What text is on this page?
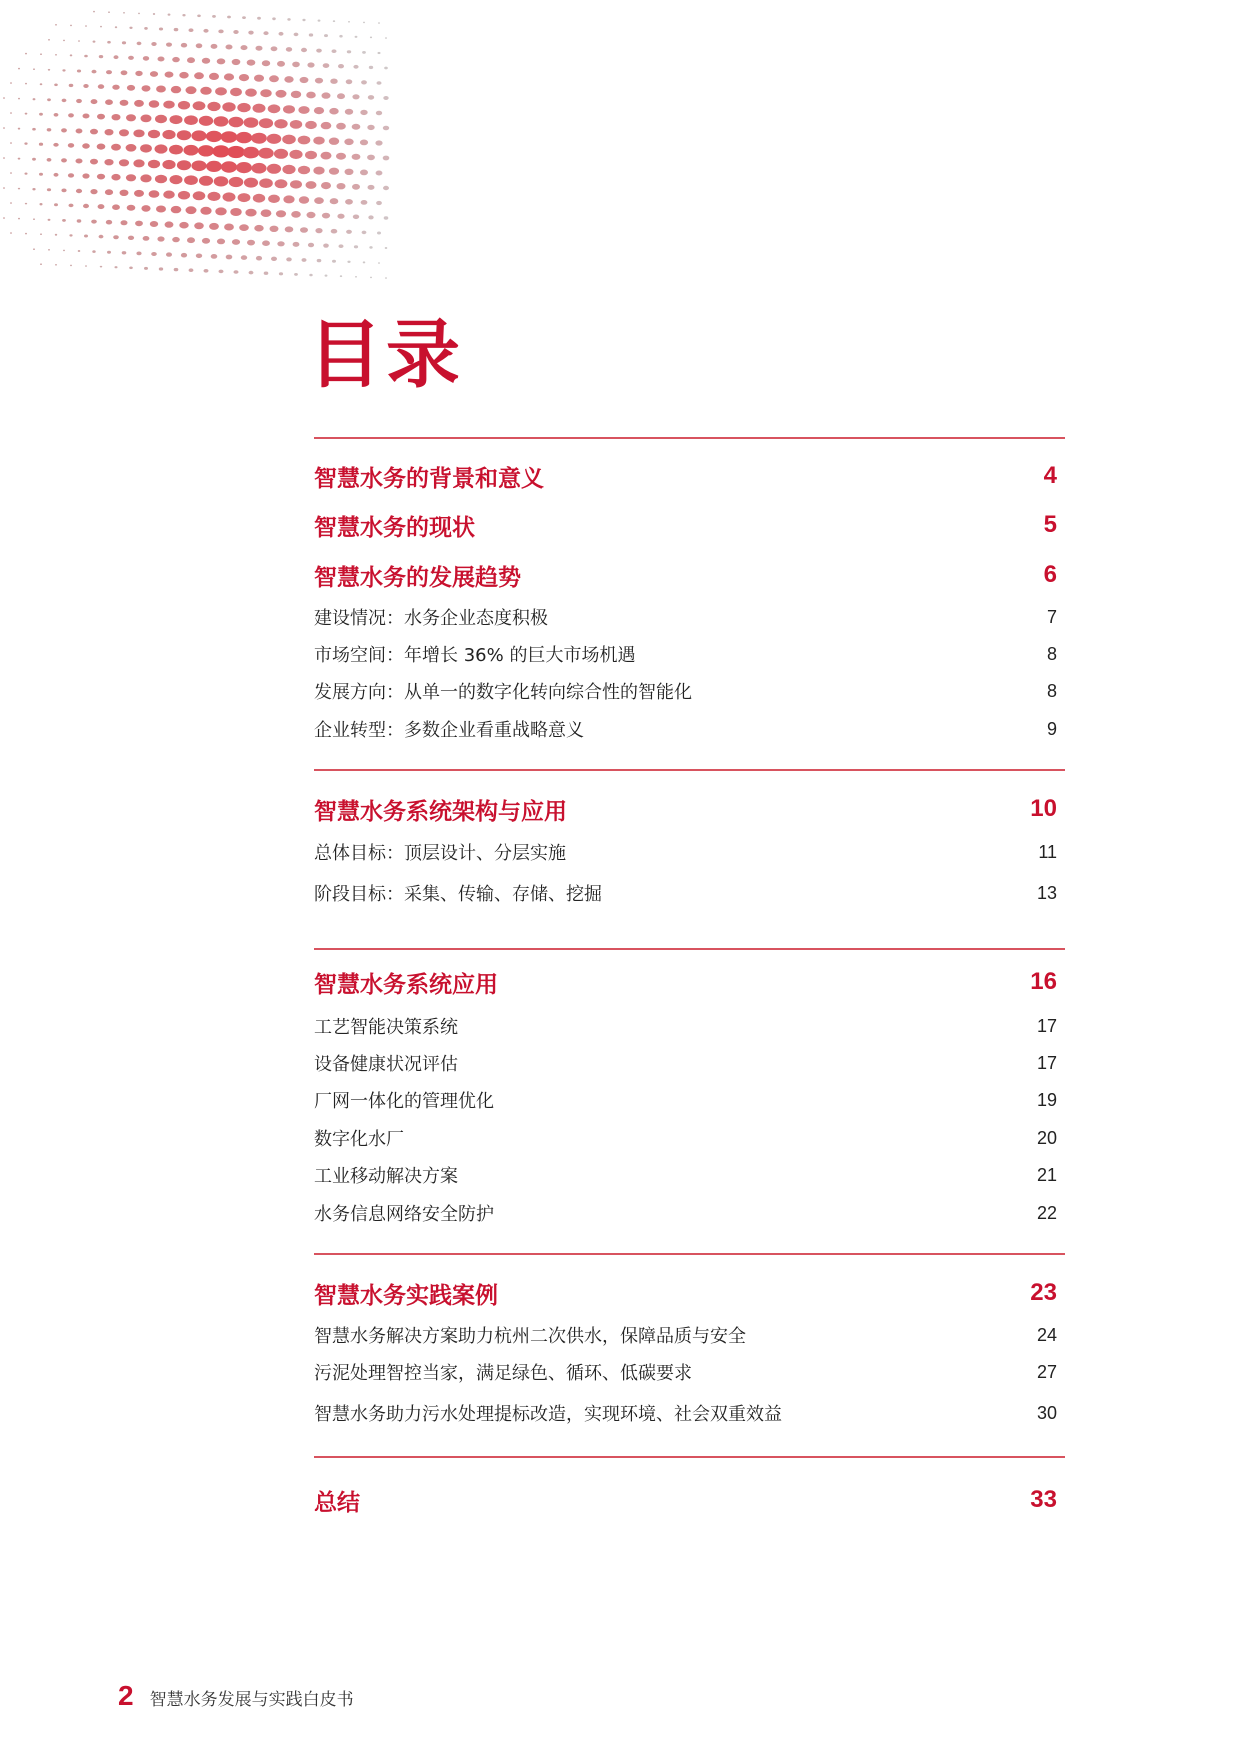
目录
智慧水务的背景和意义	4
智慧水务的现状	5
智慧水务的发展趋势	6
建设情况：水务企业态度积极	7
市场空间：年增长 36% 的巨大市场机遇	8
发展方向：从单一的数字化转向综合性的智能化	8
企业转型：多数企业看重战略意义	9
智慧水务系统架构与应用	10
总体目标：顶层设计、分层实施	11
阶段目标：采集、传输、存储、挖掘	13
智慧水务系统应用	16
工艺智能决策系统	17
设备健康状况评估	17
厂网一体化的管理优化	19
数字化水厂	20
工业移动解决方案	21
水务信息网络安全防护	22
智慧水务实践案例	23
智慧水务解决方案助力杭州二次供水，保障品质与安全	24
污泥处理智控当家，满足绿色、循环、低碳要求	27
智慧水务助力污水处理提标改造，实现环境、社会双重效益	30
总结	33
2 智慧水务发展与实践白皮书
